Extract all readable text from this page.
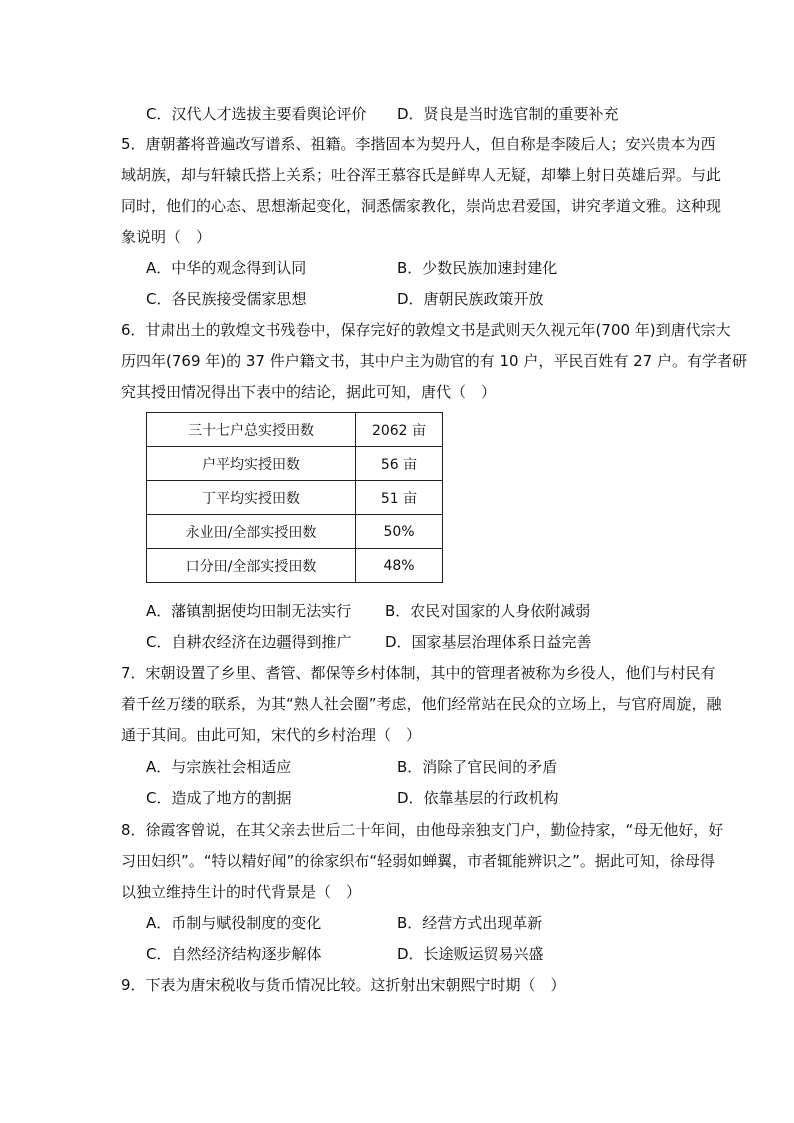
C．汉代人才选拔主要看舆论评价 D．贤良是当时选官制的重要补充
5．唐朝蕃将普遍改写谱系、祖籍。李揩固本为契丹人，但自称是李陵后人；安兴贵本为西
域胡族，却与轩辕氏搭上关系；吐谷浑王慕容氏是鲜卑人无疑，却攀上射日英雄后羿。与此
同时，他们的心态、思想渐起变化，洞悉儒家教化，崇尚忠君爱国，讲究孝道文雅。这种现
象说明（　）
A．中华的观念得到认同	B．少数民族加速封建化
C．各民族接受儒家思想	D．唐朝民族政策开放
6．甘肃出土的敦煌文书残卷中，保存完好的敦煌文书是武则天久视元年(700 年)到唐代宗大
历四年(769 年)的 37 件户籍文书，其中户主为勋官的有 10 户，平民百姓有 27 户。有学者研
究其授田情况得出下表中的结论，据此可知，唐代（　）
三十七户总实授田数	2062 亩
户平均实授田数	56 亩
丁平均实授田数	51 亩
永业田/全部实授田数	50%
口分田/全部实授田数	48%
A．藩镇割据使均田制无法实行 B．农民对国家的人身依附减弱
C．自耕农经济在边疆得到推广 D．国家基层治理体系日益完善
7．宋朝设置了乡里、耆管、都保等乡村体制，其中的管理者被称为乡役人，他们与村民有
着千丝万缕的联系，为其“熟人社会圈”考虑，他们经常站在民众的立场上，与官府周旋，融
通于其间。由此可知，宋代的乡村治理（　）
A．与宗族社会相适应	B．消除了官民间的矛盾
C．造成了地方的割据	D．依靠基层的行政机构
8．徐霞客曾说，在其父亲去世后二十年间，由他母亲独支门户，勤俭持家，“母无他好，好
习田妇织”。“特以精好闻”的徐家织布“轻弱如蝉翼，市者辄能辨识之”。据此可知，徐母得
以独立维持生计的时代背景是（　）
A．币制与赋役制度的变化	B．经营方式出现革新
C．自然经济结构逐步解体	D．长途贩运贸易兴盛
9．下表为唐宋税收与货币情况比较。这折射出宋朝熙宁时期（　）
